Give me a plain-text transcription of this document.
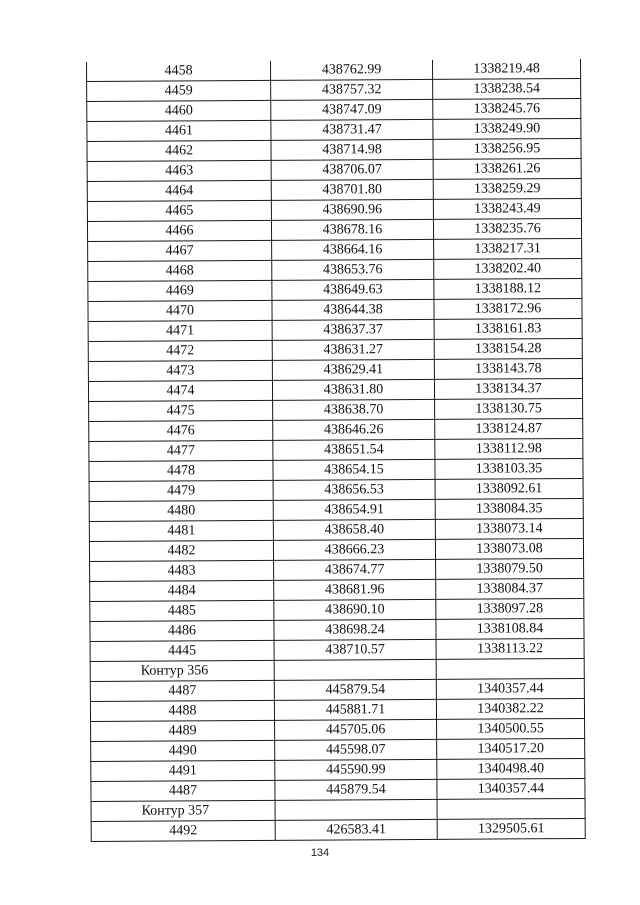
4458	438762.99	1338219.48
4459	438757.32	1338238.54
4460	438747.09	1338245.76
4461	438731.47	1338249.90
4462	438714.98	1338256.95
4463	438706.07	1338261.26
4464	438701.80	1338259.29
4465	438690.96	1338243.49
4466	438678.16	1338235.76
4467	438664.16	1338217.31
4468	438653.76	1338202.40
4469	438649.63	1338188.12
4470	438644.38	1338172.96
4471	438637.37	1338161.83
4472	438631.27	1338154.28
4473	438629.41	1338143.78
4474	438631.80	1338134.37
4475	438638.70	1338130.75
4476	438646.26	1338124.87
4477	438651.54	1338112.98
4478	438654.15	1338103.35
4479	438656.53	1338092.61
4480	438654.91	1338084.35
4481	438658.40	1338073.14
4482	438666.23	1338073.08
4483	438674.77	1338079.50
4484	438681.96	1338084.37
4485	438690.10	1338097.28
4486	438698.24	1338108.84
4445	438710.57	1338113.22
Контур 356		
4487	445879.54	1340357.44
4488	445881.71	1340382.22
4489	445705.06	1340500.55
4490	445598.07	1340517.20
4491	445590.99	1340498.40
4487	445879.54	1340357.44
Контур 357		
4492	426583.41	1329505.61
134
